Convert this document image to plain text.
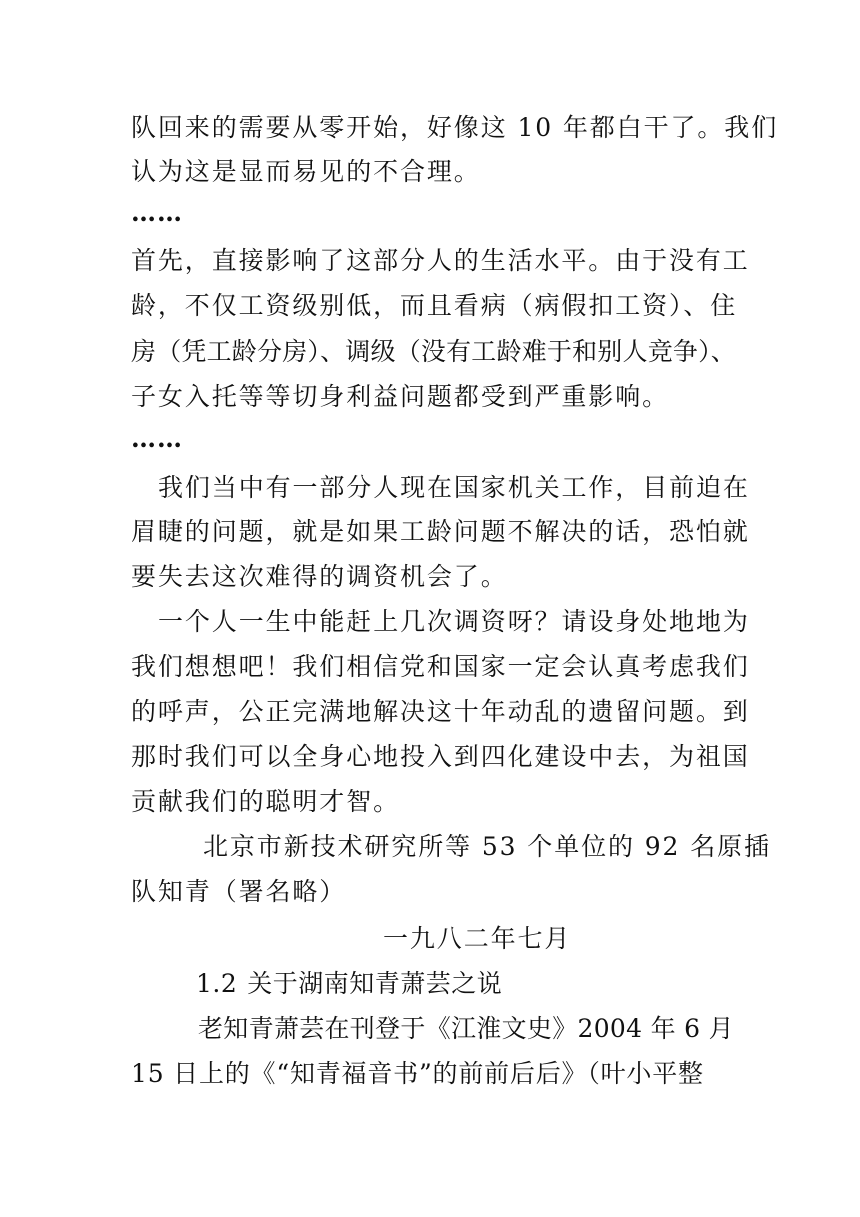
队回来的需要从零开始，好像这 10 年都白干了。我们
认为这是显而易见的不合理。
……
首先，直接影响了这部分人的生活水平。由于没有工
龄，不仅工资级别低，而且看病（病假扣工资）、住
房（凭工龄分房）、调级（没有工龄难于和别人竞争）、
子女入托等等切身利益问题都受到严重影响。
……
我们当中有一部分人现在国家机关工作，目前迫在
眉睫的问题，就是如果工龄问题不解决的话，恐怕就
要失去这次难得的调资机会了。
一个人一生中能赶上几次调资呀？请设身处地地为
我们想想吧！我们相信党和国家一定会认真考虑我们
的呼声，公正完满地解决这十年动乱的遗留问题。到
那时我们可以全身心地投入到四化建设中去，为祖国
贡献我们的聪明才智。
北京市新技术研究所等 53 个单位的 92 名原插
队知青（署名略）
一九八二年七月
1.2 关于湖南知青萧芸之说
老知青萧芸在刊登于《江淮文史》2004 年 6 月
15 日上的《“知青福音书”的前前后后》（叶小平整
